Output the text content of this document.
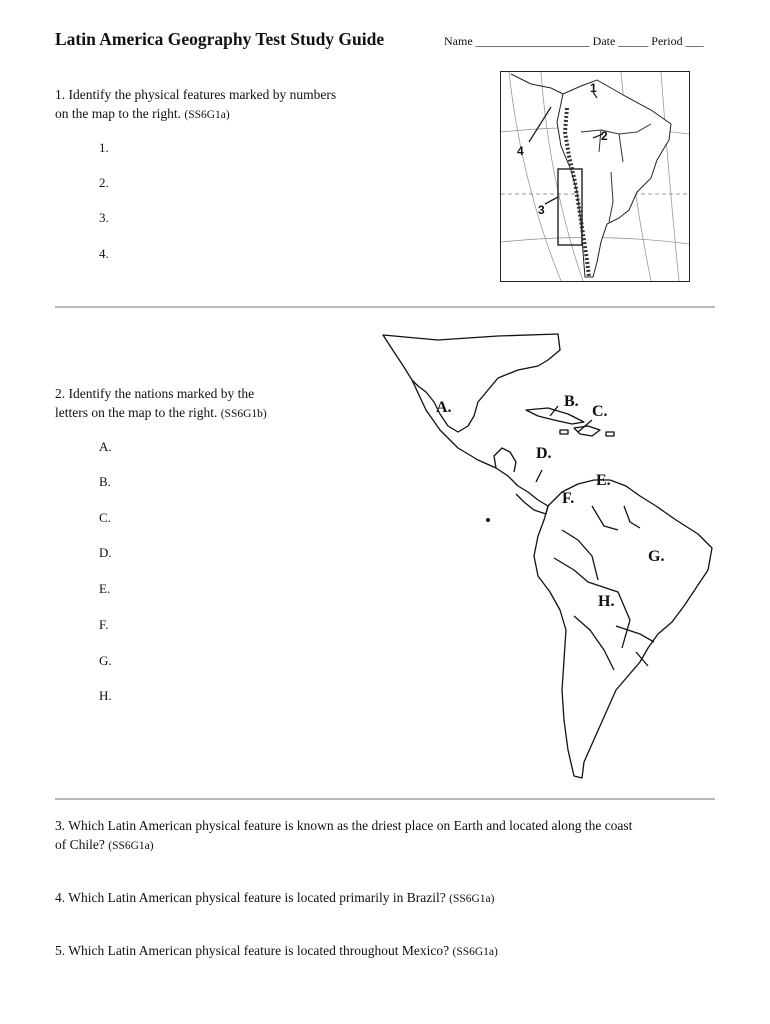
Latin America Geography Test Study Guide	Name ___________________ Date _____ Period ___
1. Identify the physical features marked by numbers
on the map to the right. (SS6G1a)
1.
2.
3.
4.
1
2
3
4
2. Identify the nations marked by the
letters on the map to the right. (SS6G1b)
A.
B.
C.
D.
E.
F.
G.
H.
A.	B.
C.
D.
E.
F.
G.
H.
3. Which Latin American physical feature is known as the driest place on Earth and located along the coast
of Chile? (SS6G1a)
4. Which Latin American physical feature is located primarily in Brazil? (SS6G1a)
5. Which Latin American physical feature is located throughout Mexico? (SS6G1a)
